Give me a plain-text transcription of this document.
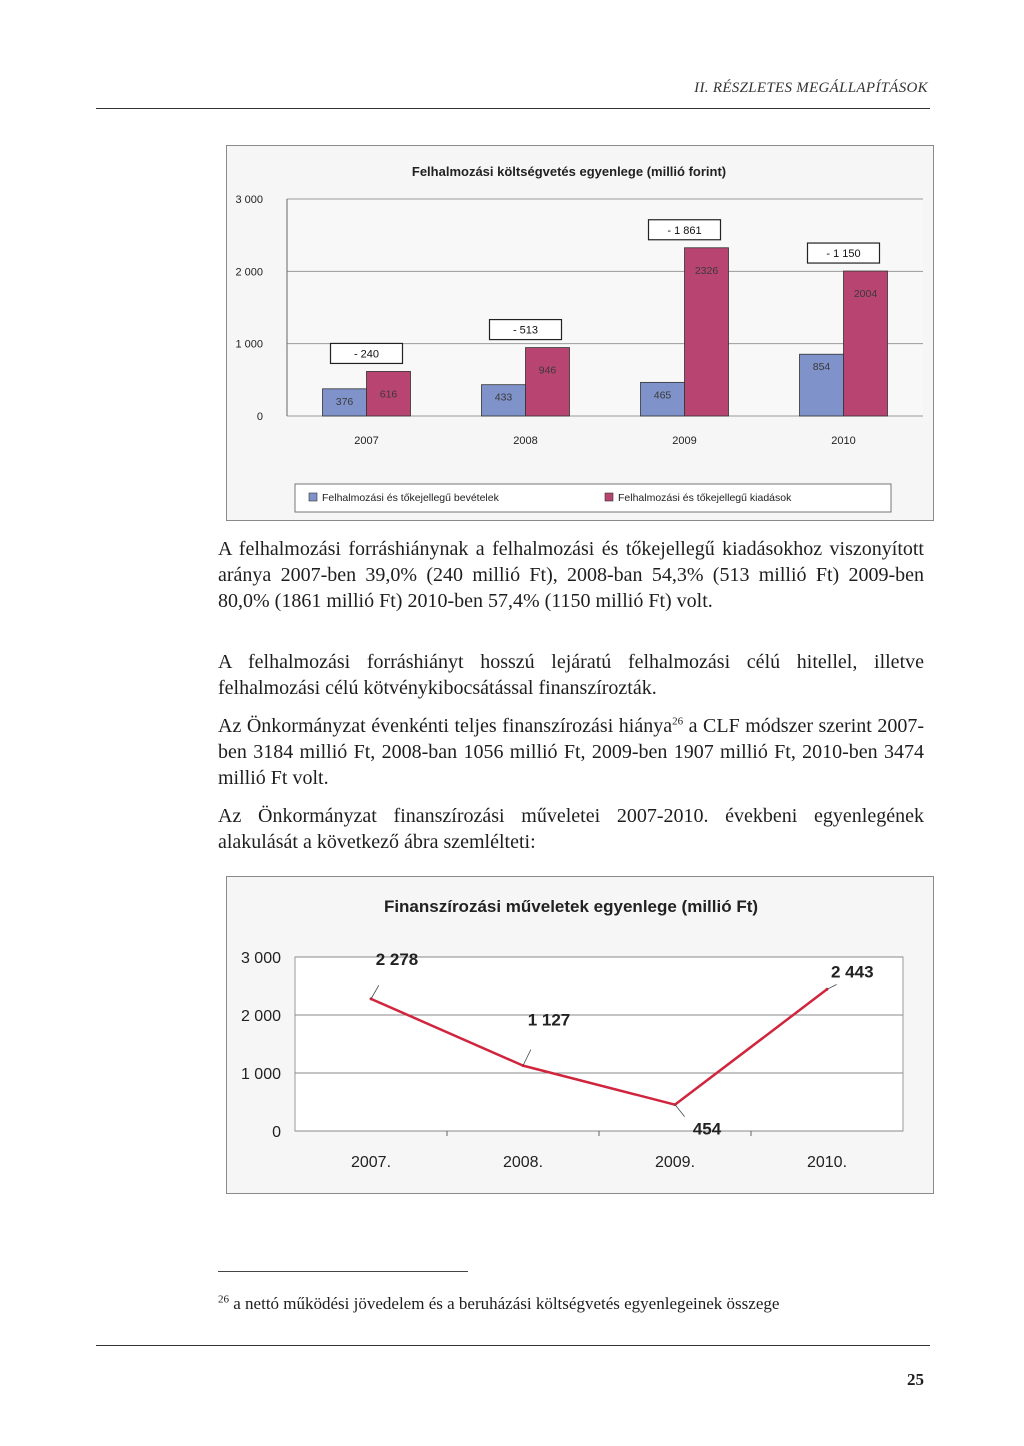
II. RÉSZLETES MEGÁLLAPÍTÁSOK
Felhalmozási költségvetés egyenlege (millió forint)
0
1 000
2 000
3 000
376
616
- 240
2007
433
946
- 513
2008
465
2326
- 1 861
2009
854
2004
- 1 150
2010
Felhalmozási és tőkejellegű bevételek	Felhalmozási és tőkejellegű kiadások

A felhalmozási forráshiánynak a felhalmozási és tőkejellegű kiadásokhoz viszonyított aránya 2007-ben 39,0% (240 millió Ft), 2008-ban 54,3% (513 millió Ft) 2009-ben 80,0% (1861 millió Ft) 2010-ben 57,4% (1150 millió Ft) volt.

A felhalmozási forráshiányt hosszú lejáratú felhalmozási célú hitellel, illetve felhalmozási célú kötvénykibocsátással finanszírozták.

Az Önkormányzat évenkénti teljes finanszírozási hiánya$^{26}$ a CLF módszer szerint 2007-ben 3184 millió Ft, 2008-ban 1056 millió Ft, 2009-ben 1907 millió Ft, 2010-ben 3474 millió Ft volt.

Az Önkormányzat finanszírozási műveletei 2007-2010. évekbeni egyenlegének alakulását a következő ábra szemlélteti:

Finanszírozási műveletek egyenlege (millió Ft)
0
1 000
2 000
3 000	2 278
2007.
1 127
2008.
454
2009.
2 443
2010.
$^{26}$ a nettó működési jövedelem és a beruházási költségvetés egyenlegeinek összege
25
